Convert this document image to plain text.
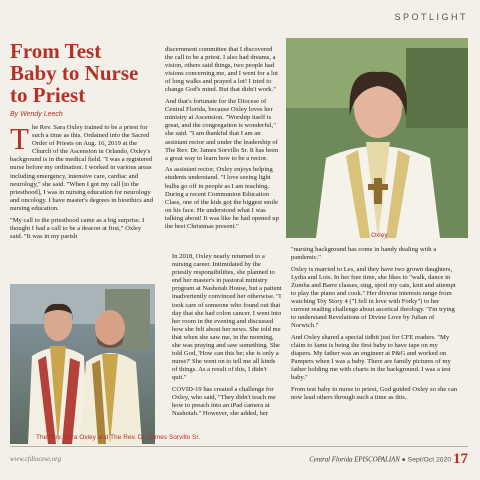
SPOTLIGHT
From Test
Baby to Nurse
to Priest
By Wendy Leech

The Rev. Sara Oxley trained to be a priest for such a time as this. Ordained into the Sacred Order of Priests on Aug. 16, 2019 at the Church of the Ascension in Orlando, Oxley's background is in the medical field. "I was a registered nurse before my ordination. I worked in various areas including emergency, intensive care, cardiac and neurology," she said. "When I got my call [to the priesthood], I was in nursing education for neurology and oncology. I have master's degrees in bioethics and nursing education.

"My call to the priesthood came as a big surprise. I thought I had a call to be a deacon at first," Oxley said. "It was in my parish

The Rev. Sara Oxley and The Rev. Dr. James Sorvillo Sr.

discernment committee that I discovered the call to be a priest. I also had dreams, a vision, others said things, two people had visions concerning me, and I went for a lot of long walks and prayed a lot! I tried to change God's mind. But that didn't work."

And that's fortunate for the Diocese of Central Florida, because Oxley loves her ministry at Ascension. "Worship itself is great, and the congregation is wonderful," she said. "I am thankful that I am an assistant rector and under the leadership of The Rev. Dr. James Sorvillo Sr. It has been a great way to learn how to be a rector.

As assistant rector, Oxley enjoys helping students understand. "I love seeing light bulbs go off in people as I am teaching. During a recent Communion Education Class, one of the kids got the biggest smile on his face. He understood what I was talking about! It was like he had opened up the best Christmas present."

In 2018, Oxley nearly returned to a nursing career. Intimidated by the priestly responsibilities, she planned to end her master's in pastoral ministry program at Nashotah House, but a patient inadvertently convinced her otherwise. "I took care of someone who found out that day that she had colon cancer. I went into her room in the evening and discussed how she felt about her news. She told me that when she saw me, in the morning, she was praying and saw something. She told God, 'How can this be; she is only a nurse?' She went on to tell me all kinds of things. As a result of this, I didn't quit."

COVID-19 has created a challenge for Oxley, who said, "They didn't teach me how to preach into an iPad camera at Nashotah." However, she added, her

Oxley

"nursing background has come in handy dealing with a pandemic."

Oxley is married to Les, and they have two grown daughters, Lydia and Lois. In her free time, she likes to "walk, dance in Zumba and Barre classes, sing, spoil my cats, knit and attempt to play the piano and cook." Her diverse interests range from watching Toy Story 4 ("I fell in love with Forky") to her current reading challenge about ascetical theology. "I'm trying to understand Revelations of Divine Love by Julian of Norwich."

And Oxley shared a special tidbit just for CFE readers. "My claim to fame is being the first baby to have tape on my diapers. My father was an engineer at P&G and worked on Pampers when I was a baby. There are family pictures of my father holding me with charts in the background. I was a test baby."

From test baby to nurse to priest, God guided Oxley so she can now lead others through such a time as this.

www.cfdiocese.org	Central Florida EPISCOPALIAN ● Sept/Oct 2020 17
